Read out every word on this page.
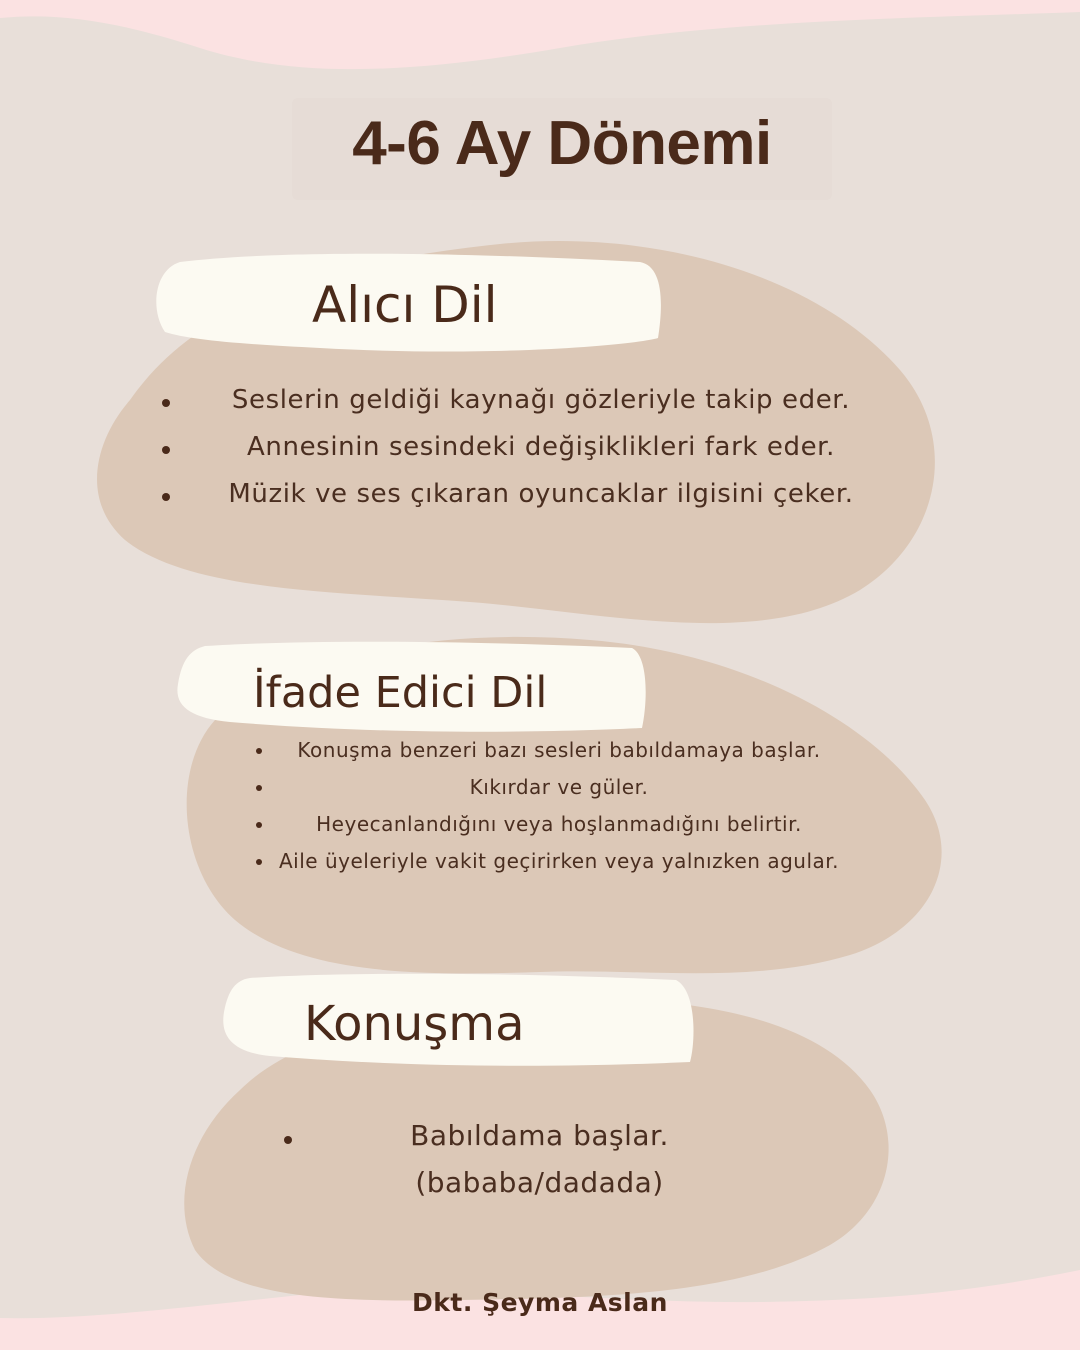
4-6 Ay Dönemi
Alıcı Dil
Seslerin geldiği kaynağı gözleriyle takip eder.
Annesinin sesindeki değişiklikleri fark eder.
Müzik ve ses çıkaran oyuncaklar ilgisini çeker.
İfade Edici Dil
Konuşma benzeri bazı sesleri babıldamaya başlar.
Kıkırdar ve güler.
Heyecanlandığını veya hoşlanmadığını belirtir.
Aile üyeleriyle vakit geçirirken veya yalnızken agular.
Konuşma
Babıldama başlar. (bababa/dadada)

Dkt. Şeyma Aslan
